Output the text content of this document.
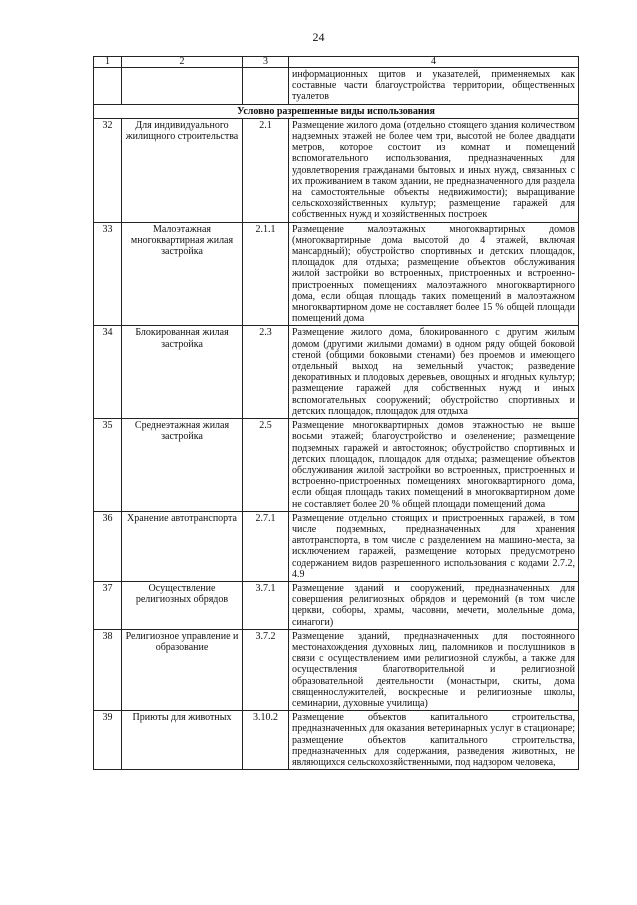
24
1	2	3	4
			информационных щитов и указателей, применяемых как составные части благоустройства территории, общественных туалетов
Условно разрешенные виды использования			
32	Для индивидуального жилищного строительства	2.1	Размещение жилого дома (отдельно стоящего здания количеством надземных этажей не более чем три, высотой не более двадцати метров, которое состоит из комнат и помещений вспомогательного использования, предназначенных для удовлетворения гражданами бытовых и иных нужд, связанных с их проживанием в таком здании, не предназначенного для раздела на самостоятельные объекты недвижимости); выращивание сельскохозяйственных культур; размещение гаражей для собственных нужд и хозяйственных построек
33	Малоэтажная многоквартирная жилая застройка	2.1.1	Размещение малоэтажных многоквартирных домов (многоквартирные дома высотой до 4 этажей, включая мансардный); обустройство спортивных и детских площадок, площадок для отдыха; размещение объектов обслуживания жилой застройки во встроенных, пристроенных и встроенно-пристроенных помещениях малоэтажного многоквартирного дома, если общая площадь таких помещений в малоэтажном многоквартирном доме не составляет более 15 % общей площади помещений дома
34	Блокированная жилая застройка	2.3	Размещение жилого дома, блокированного с другим жилым домом (другими жилыми домами) в одном ряду общей боковой стеной (общими боковыми стенами) без проемов и имеющего отдельный выход на земельный участок; разведение декоративных и плодовых деревьев, овощных и ягодных культур; размещение гаражей для собственных нужд и иных вспомогательных сооружений; обустройство спортивных и детских площадок, площадок для отдыха
35	Среднеэтажная жилая застройка	2.5	Размещение многоквартирных домов этажностью не выше восьми этажей; благоустройство и озеленение; размещение подземных гаражей и автостоянок; обустройство спортивных и детских площадок, площадок для отдыха; размещение объектов обслуживания жилой застройки во встроенных, пристроенных и встроенно-пристроенных помещениях многоквартирного дома, если общая площадь таких помещений в многоквартирном доме не составляет более 20 % общей площади помещений дома
36	Хранение автотранспорта	2.7.1	Размещение отдельно стоящих и пристроенных гаражей, в том числе подземных, предназначенных для хранения автотранспорта, в том числе с разделением на машино-места, за исключением гаражей, размещение которых предусмотрено содержанием видов разрешенного использования с кодами 2.7.2, 4.9
37	Осуществление религиозных обрядов	3.7.1	Размещение зданий и сооружений, предназначенных для совершения религиозных обрядов и церемоний (в том числе церкви, соборы, храмы, часовни, мечети, молельные дома, синагоги)
38	Религиозное управление и образование	3.7.2	Размещение зданий, предназначенных для постоянного местонахождения духовных лиц, паломников и послушников в связи с осуществлением ими религиозной службы, а также для осуществления благотворительной и религиозной образовательной деятельности (монастыри, скиты, дома священнослужителей, воскресные и религиозные школы, семинарии, духовные училища)
39	Приюты для животных	3.10.2	Размещение объектов капитального строительства, предназначенных для оказания ветеринарных услуг в стационаре; размещение объектов капитального строительства, предназначенных для содержания, разведения животных, не являющихся сельскохозяйственными, под надзором человека,
